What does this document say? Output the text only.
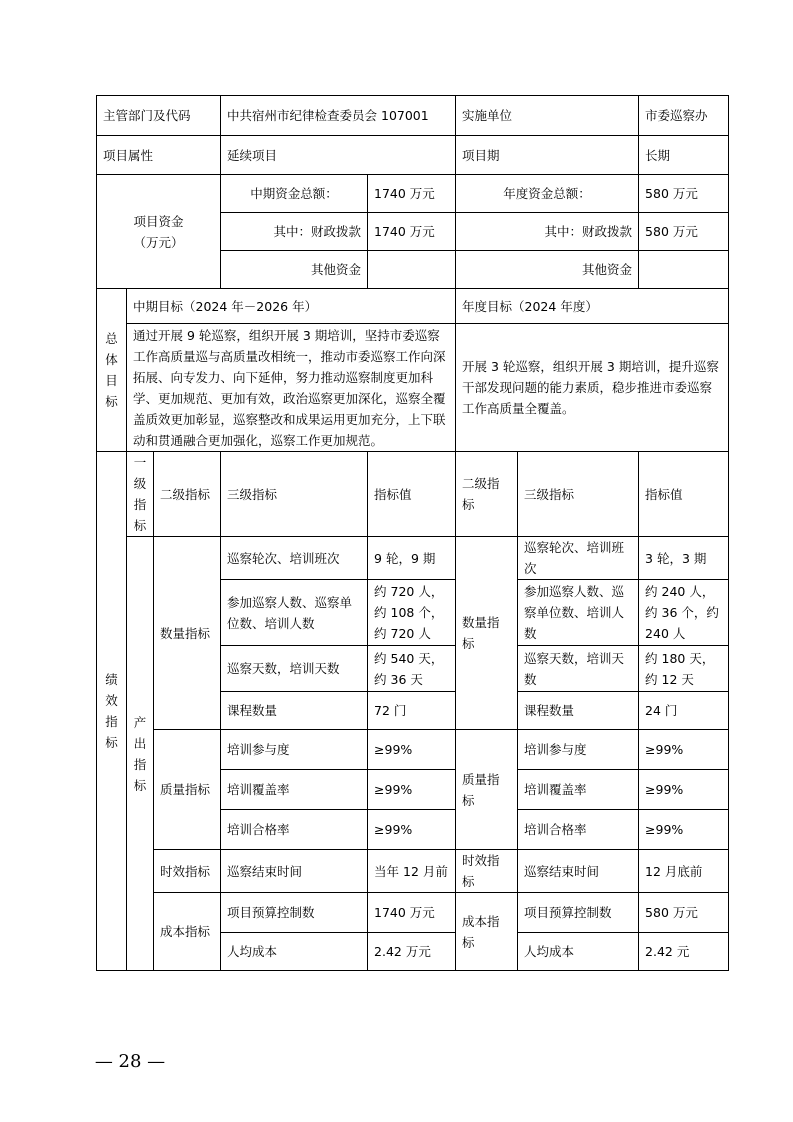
主管部门及代码			中共宿州市纪律检查委员会 107001		实施单位		市委巡察办
项目属性			延续项目		项目期		长期

项目资金
（万元）			中期资金总额：	1740 万元	年度资金总额：		580 万元
			其中：财政拨款	1740 万元	其中：财政拨款		580 万元
			其他资金		其他资金		

总
体
目
标	中期目标（2024 年－2026 年）				年度目标（2024 年度）		
	通过开展 9 轮巡察，组织开展 3 期培训，坚持市委巡察工作高质量巡与高质量改相统一，推动市委巡察工作向深拓展、向专发力、向下延伸，努力推动巡察制度更加科学、更加规范、更加有效，政治巡察更加深化，巡察全覆盖质效更加彰显，巡察整改和成果运用更加充分，上下联动和贯通融合更加强化，巡察工作更加规范。				开展 3 轮巡察，组织开展 3 期培训，提升巡察干部发现问题的能力素质，稳步推进市委巡察工作高质量全覆盖。		

绩
效
指
标	一
级
指
标	二级指标	三级指标	指标值	二级指标	三级指标	指标值

	产
出
指
标	数量指标	巡察轮次、培训班次	9 轮，9 期	数量指标	巡察轮次、培训班次	3 轮，3 期
			参加巡察人数、巡察单位数、培训人数	约 720 人，约 108 个，约 720 人		参加巡察人数、巡察单位数、培训人数	约 240 人，约 36 个，约 240 人
			巡察天数，培训天数	约 540 天，约 36 天		巡察天数，培训天数	约 180 天，约 12 天
			课程数量	72 门		课程数量	24 门
		质量指标	培训参与度	≥99%	质量指标	培训参与度	≥99%
			培训覆盖率	≥99%		培训覆盖率	≥99%
			培训合格率	≥99%		培训合格率	≥99%
		时效指标	巡察结束时间	当年 12 月前	时效指标	巡察结束时间	12 月底前
		成本指标	项目预算控制数	1740 万元	成本指标	项目预算控制数	580 万元
			人均成本	2.42 万元		人均成本	2.42 元
— 28 —
